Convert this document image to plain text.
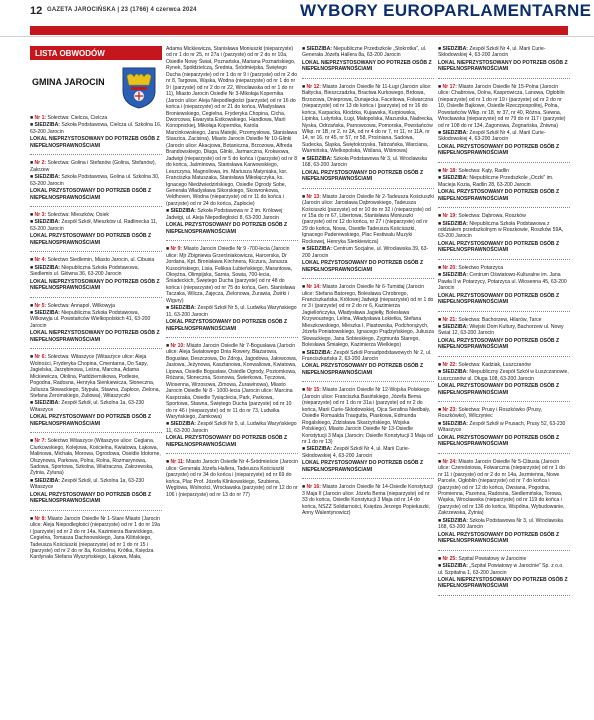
12 GAZETA JAROCIŃSKA | 23 (1766) 4 czerwca 2024	WYBORY EUROPARLAMENTARNE
LISTA OBWODÓW
GMINA JAROCIN

■ Nr 1: Sołectwa: Cielcza, Cielcza

■ SIEDZIBA: Szkoła Podstawowa, Cielcza ul. Szkolna 16, 63-200 Jarocin

LOKAL NIEPRZYSTOSOWANY DO POTRZEB OSÓB Z NIEPEŁNOSPRAWNOŚCIAMI

■ Nr 2: Sołectwa: Golina i Stefanów (Golina, Stefanów), Zakrzew

■ SIEDZIBA: Szkoła Podstawowa, Golina ul. Szkolna 30, 63-200 Jarocin

LOKAL PRZYSTOSOWANY DO POTRZEB OSÓB Z NIEPEŁNOSPRAWNOŚCIAMI

■ Nr 3: Sołectwa: Mieszków, Osiek

■ SIEDZIBA: Zespół Szkół, Mieszków ul. Radlinecka 11, 63-200 Jarocin

LOKAL PRZYSTOSOWANY DO POTRZEB OSÓB Z NIEPEŁNOSPRAWNOŚCIAMI

■ Nr 4: Sołectwo Siedlemin, Miasto Jarocin, ul. Cibusia

■ SIEDZIBA: Niepubliczna Szkoła Podstawowa, Siedlemin ul. Główna 36, 63-200 Jarocin

LOKAL NIEPRZYSTOSOWANY DO POTRZEB OSÓB Z NIEPEŁNOSPRAWNOŚCIAMI

■ Nr 5: Sołectwa: Annapol, Wilkowyja

■ SIEDZIBA: Niepubliczna Szkoła Podstawowa, Wilkowyja ul. Powstańców Wielkopolskich 41, 63-200 Jarocin

LOKAL NIEPRZYSTOSOWANY DO POTRZEB OSÓB Z NIEPEŁNOSPRAWNOŚCIAMI

■ Nr 6: Sołectwa: Witaszyce (Witaszyce ulice: Aleja Wolności, Fryderyka Chopina, Cmentarna, Do Sapy, Jagielska, Jarzębinowa, Leśna, Marcina, Adama Mickiewicza, Ołolina, Paddżierniikowa, Podlesie, Pogodna, Radosna, Henryka Sienkiewicza, Słoneczna, Juliusza Słowackiego, Stypuła, Stawna, Zapłoce, Zielona, Stefana Żeromskiego, Zuliowa), Witaszyczki

■ SIEDZIBA: Zespół Szkół, ul. Szkolna 1a, 63-230 Witaszyce

LOKAL PRZYSTOSOWANY DO POTRZEB OSÓB Z NIEPEŁNOSPRAWNOŚCIAMI

■ Nr 7: Sołectwo Witaszyce (Witaszyce ulice: Ceglana, Ciurkowskiego, Kolejowa, Kościelna, Kwiatowa, Łąkowa, Malinowa, Michała, Morowa, Ogrodowa, Oseidle Idotorne, Olszynowa, Parkowa, Polna, Rolna, Rozmarynowa, Sadowa, Sportowa, Szkolna, Wiatraczna, Zakrzewska, Żytnia, Zyluna)

■ SIEDZIBA: Zespół Szkół, ul. Szkolna 1a, 63-230 Witaszyce

LOKAL PRZYSTOSOWANY DO POTRZEB OSÓB Z NIEPEŁNOSPRAWNOŚCIAMI

■ Nr 8: Miasto Jarocin Osiedle Nr 1-Stare Miasto (Jarocin ulice: Aleja Niepodległości (nieparzyste) od nr 1 do nr 19a i (parzyste) od nr 2 do nr 14a, Kazimierza Barwickiego, Cegielna, Tomasza Dachnowskiego, Jana Kilińskiego, Tadeusza Kościuszki (nieparzyste) od nr 1 do nr 15 i (parzyste) od nr 2 do nr 8a, Kościelna, Krótka, Księdza Kardynała Stefana Wyszyńskiego, Łąkowa, Mała,

Adama Mickiewicza, Stanisława Moniuszki (nieparzyste) od nr 1 do nr 25, nr 27a i (parzyste) od nr 2 do nr 10a, Osiedle Nowy Świat, Poznańska, Mariana Poznańskiego, Rynek, Spółdzielczą, Średnia, Śródmiejska, Świętego Ducha (nieparzyste) od nr 1 do nr 9 i (parzyste) od nr 2 do nr 8, Targowa, Wąska, Wodna (nieparzyste) od nr 1 do nr 9 i (parzyste) od nr 2 do nr 22, Wrocławska od nr 1 do nr 11), Miasto Jarocin Osiedle Nr 3-Mikołaja Kopernika (Jarocin ulice: Aleja Niepodległości (parzyste) od nr 16 do końca i (nieparzyste) od nr 21 do końca, Władysława Broniewskiego, Cegielna, Fryderyka Chopina, Cicha, Dworcowa, Ewarysta Estkowskiego, Handlowa, Marii Konopnickiej, Mikołaja Kopernika, Karola Marcinkowskiego, Jana Matejki, Przemysłowa, Stanisława Staszica, Zacisina), Miasto Jarocin Osiedle Nr 10-Glinki (Jarocin ulice: Akacjowa, Botaniczna, Brzozowa, Alfreda Brandowskiego, Długa, Glinki, Jarmarczna, Krokwowa, Jadwigi (nieparzyste) od nr 5 do końca i (parzyste) od nr 8 do końca, Jaśminowa, Stanisława Karwowskiego, Leszczyna, Magnoliowa, im. Mariusza Matyniaka, ksr. Franciszka Matuszaka, Stanisława Mikołajczyka, ks. Ignacego Niedźwiedzińskiego, Osiedle Ogrody Sobe, Generała Władysława Sikorskiego, Skowronkowa, Veldhoven, Wodna (nieparzyste) od nr 11 do końca i (parzyste) od nr 24 do końca, Zapłocie)

■ SIEDZIBA: Szkoła Podstawowa nr 2 im. Królowej Jadwigi, ul. Aleja Niepodległości 8, 63-200 Jarocin

LOKAL PRZYSTOSOWANY DO POTRZEB OSÓB Z NIEPEŁNOSPRAWNOŚCIAMI

■ Nr 9: Miasto Jarocin Osiedle Nr 9 -700-lecia (Jarocin ulice: Mjr Zbigniewa Grzerśniakowicza, Harcerska, Dr Jordana, Kpt. Bronisława Kirchnera, Kiczura, Janusza Kusocińskiego, Lisia, Feliksa Łubieńskiego, Marantowa, Okrężna, Olimpijska, Sarnia, Sowia, 700-lecia, Śniadeckich, Świętego Ducha (parzyste) od nr 48 do końca i (nieparzyste) od nr 75 do końca, Gen. Stanisława Taczaka, Wilcza, Zajęcza, Zielonowa, Żurawia, Żwirki i Wigury)

■ SIEDZIBA: Zespół Szkół Nr 5, ul. Ludwika Waryńskiego 11, 63-200 Jarocin

LOKAL PRZYSTOSOWANY DO POTRZEB OSÓB Z NIEPEŁNOSPRAWNOŚCIAMI

■ Nr 10: Miasto Jarocin Osiedle Nr 7-Bogusława (Jarocin ulice: Aleja Światowego Dnia Rowerу, Błazarowa, Bogusław, Deszczowa, Do Zdroju, Jagodowa, Jałowcowa, Jasiowa, Jeżynowa, Kasztanowa, Konwaliowa, Kwiatowa, Lipowa, Osiedle Bogusław, Osiedle Ogrody, Poziomkowa, Różana, Słoneczna, Sosnowa, Świerkowa, Tęczowa, Wiosenna, Wrzosowa, Zimowa, Żurawinowa), Miasto Jarocin Osiedle Nr 8 - 1000-lecia (Jarocin ulice: Marcina Kasprzaka, Osiedle Tysiąclecia, Park, Parkowa, Sportowa, Stawna, Świętego Ducha (parzyste) od nr 10 do nr 46 i (nieparzyste) od nr 11 do nr 73, Ludwika Waryńskiego, Zamkowa)

■ SIEDZIBA: Zespół Szkół Nr 5, ul. Ludwika Waryńskiego 11, 63-200 Jarocin

LOKAL PRZYSTOSOWANY DO POTRZEB OSÓB Z NIEPEŁNOSPRAWNOŚCIAMI

■ Nr 11: Miasto Jarocin Osiedle Nr 4-Śródmieście (Jarocin ulice: Generała Józefa Hallera, Tadeusza Kościuszki (parzyste) od nr 34 do końca i (nieparzyste) od nr 69 do końca, Plac Prof. Józefa Klinkowskiego, Szubienа, Węglowa, Wolności, Wrocławska (parzyste) od nr 12 do nr 106 i (nieparzyste) od nr 13 do nr 77)

■ SIEDZIBA: Niepubliczne Przedszkole „Stokrotka”, ul. Generała Józefa Hallera 8a, 63-200 Jarocin

LOKAL NIEPRZYSTOSOWANY DO POTRZEB OSÓB Z NIEPEŁNOSPRAWNOŚCIAMI

■ Nr 12: Miasto Jarocin Osiedle Nr 11-Ługi (Jarocin ulice: Bałtycka, Bieszczadzka, Bractwa Kurkowego, Brdowa, Brzozowa, Dnieprowa, Dunajecka, Faceliowa, Folwarczna (nieparzyste) od nr 13 do końca i (parzyste) od nr 16 do końca, Karpacka, Kłodzka, Kujawska, Kurpiowska, Lipinka, Lutyńska, Ługi, Małopolska, Mazurska, Nadrecka, Nyska, Odrzańska, Parnowcowa, Pomorska, Powstańców Wlkp. nr 1B, nr 2, nr 2A, od nr 4 do nr 7, nr 11, nr 11A, nr 14, nr 16, nr 45, nr 57, nr 58, Prośniana, Sadowa, Sudecka, Śląska, Świętokrzyska, Tatrzańska, Warciana, Warmińska, Wielkopolska, Wiślana, Wiśniowa)

■ SIEDZIBA: Szkoła Podstawowa Nr 3, ul. Wrocławska 168, 63-200 Jarocin

LOKAL PRZYSTOSOWANY DO POTRZEB OSÓB Z NIEPEŁNOSPRAWNOŚCIAMI

■ Nr 13: Miasto Jarocin Osiedle Nr 2-Tadeusza Kościuszki (Jarocin ulice: Jarosława Dąbrowskiego, Tadeusza Kościuszki (parzyste) od nr 10 do nr 32 i (nieparzyste) od nr 15a do nr 67, Libertowa, Stanisława Moniuszki (parzyste) od nr 12 do końca, nr 27 i (nieparzyste) od nr 29 do końca, Nowa, Oseidle Tadeusza Kościuszki, Ignacego Paderewskiego, Plac Festiwalu Muzyki Rockowej, Henryka Sienkiewicza)

■ SIEDZIBA: Centrum Socjalne, ul. Wrocławska 39, 63-200 Jarocin

LOKAL PRZYSTOSOWANY DO POTRZEB OSÓB Z NIEPEŁNOSPRAWNOŚCIAMI

■ Nr 14: Miasto Jarocin Osiedle Nr 6-Tumidaj (Jarocin ulice: Stefana Batorego, Bolesława Chrobrego, Franciszkańska, Królowej Jadwigi (nieparzyste) od nr 1 do nr 3 i (parzyste) od nr 2 do nr 6, Kazimierza Jagiellończyka, Władysława Jagiełły, Bolesława Krzywoustego, Lelina, Władysława Łokietka, Stefana Mieszkowskiego, Mieszka I, Piastowska, Podchorążych, Józefa Poniatowskiego, Ignacego Prądzyńskiego, Juliusza Słowackiego, Jana Sobieskiego, Zygmunta Starego, Bolesława Śmiałego, Kazimierza Wielkiego)

■ SIEDZIBA: Zespół Szkół Ponadpodstawowych Nr 2, ul. Franciszkańska 2, 63-200 Jarocin

LOKAL PRZYSTOSOWANY DO POTRZEB OSÓB Z NIEPEŁNOSPRAWNOŚCIAMI

■ Nr 15: Miasto Jarocin Osiedle Nr 12-Wojska Polskiego (Jarocin ulice: Franciszka Basińskiego, Józefa Bema (nieparzyste) od nr 1 do nr 31a i (parzyste) od nr 2 do końca, Marii Curie-Skłodowskiej, Ojca Serafina Niedbały, Osiedle Romualda Traugutta, Piaskowa, Edmunda Rogalskiego, Zdzisława Skarżyńskiego, Wojska Polskiego), Miasto Jarocin Osiedle Nr 13-Osiedle Konstytucji 3 Maja (Jarocin: Osiedle Konstytucji 3 Maja od nr 1 do nr 13)

■ SIEDZIBA: Zespół Szkół Nr 4, ul. Marii Curie-Skłodowskiej 4, 63-200 Jarocin

LOKAL PRZYSTOSOWANY DO POTRZEB OSÓB Z NIEPEŁNOSPRAWNOŚCIAMI

■ Nr 16: Miasto Jarocin Osiedle Nr 14-Osiedle Konstytucji 3 Maja II (Jarocin ulice: Józefa Bema (nieparzyste) od nr 33 do końca, Osiedle Konstytucji 3 Maja od nr 14 do końca, NSZZ Solidarności, Księdza Jerzego Popiełuszki, Anny Walentynowicz)

■ SIEDZIBA: Zespół Szkół Nr 4, ul. Marii Curie-Skłodowskiej 4, 63-200 Jarocin

LOKAL NIEPRZYSTOSOWANY DO POTRZEB OSÓB Z NIEPEŁNOSPRAWNOŚCIAMI

■ Nr 17: Miasto Jarocin Osiedle Nr 15-Polna (Jarocin ulice: Chabrowa, Dolna, Kasprowicza, Lanowa, Ogłoblin (nieparzyste) od nr 1 do nr 19 i (parzyste) od nr 2 do nr 10, Osiedle Bajkowe, Osiedle Rzeczpospolitej, Polna, Powstańców Wlkp. nr 18, nr 37, nr 40, Różna, Siewna, Wrocławska (nieparzyste) od nr 79 do nr 117 i (parzyste) od nr 108 do nr 134, Zagonowa, Żegnańska, Żniwna)

■ SIEDZIBA: Zespół Szkół Nr 4, ul. Marii Curie-Skłodowskiej 4, 63-200 Jarocin

LOKAL PRZYSTOSOWANY DO POTRZEB OSÓB Z NIEPEŁNOSPRAWNOŚCIAMI

■ Nr 18: Sołectwa: Kąty, Radlin

■ SIEDZIBA: Niepubliczne Przedszkole „Oczki” im. Macieja Kozia, Radlin 28, 63-200 Jarocin

LOKAL PRZYSTOSOWANY DO POTRZEB OSÓB Z NIEPEŁNOSPRAWNOŚCIAMI

■ Nr 19: Sołectwa: Dąbrowa, Roszków

■ SIEDZIBA: Niepubliczna Szkoła Podstawowa z oddziałem przedszkolnym w Roszkowie, Roszków 59A, 63-200 Jarocin

LOKAL PRZYSTOSOWANY DO POTRZEB OSÓB Z NIEPEŁNOSPRAWNOŚCIAMI

■ Nr 20: Sołectwo Potarzyca

■ SIEDZIBA: Centrum Oświatowo-Kulturalne im. Jana Pawła II w Potarzycy, Potarzyca ul. Wiosenna 45, 63-200 Jarocin

LOKAL PRZYSTOSOWANY DO POTRZEB OSÓB Z NIEPEŁNOSPRAWNOŚCIAMI

■ Nr 21: Sołectwa: Bachorzew, Hilarów, Tarce

■ SIEDZIBA: Wiejski Dom Kultury, Bachorzew ul. Nowy Świat 12, 63-200 Jarocin

LOKAL PRZYSTOSOWANY DO POTRZEB OSÓB Z NIEPEŁNOSPRAWNOŚCIAMI

■ Nr 22: Sołectwa: Kadziak, Łuszczanów

■ SIEDZIBA: Niepubliczny Zespół Szkół w Łuszczanowie, Łuszczanów ul. Długa 108, 63-200 Jarocin

LOKAL PRZYSTOSOWANY DO POTRZEB OSÓB Z NIEPEŁNOSPRAWNOŚCIAMI

■ Nr 23: Sołectwa: Prusy i Roszkówko (Prusy, Roszkówko), Wilczyniec

■ SIEDZIBA: Zespół Szkół w Prusach, Prusy 52, 63-230 Witaszyce

LOKAL PRZYSTOSOWANY DO POTRZEB OSÓB Z NIEPEŁNOSPRAWNOŚCIAMI

■ Nr 24: Miasto Jarocin Osiedle Nr 5-Cibusia (Jarocin ulice: Czereśniowa, Folwarczna (nieparzyste) od nr 1 do nr 11 i (parzyste) od nr 2 do nr 14a, Jezmienna, Nowe Parcele, Ogłoblin (nieparzyste) od nr 7 do końca i (parzyste) od nr 12 do końca, Owsiana, Pogodna, Promienna, Pszenna, Radosna, Siedlemińska, Torowa, Wąska, Wrocławska (nieparzyste) od nr 119 do końca i (parzyste) od nr 136 do końca, Wspólna, Wybudowanie, Zakrzewska, Żytnia)

■ SIEDZIBA: Szkoła Podstawowa Nr 3, ul. Wrocławska 168, 63-200 Jarocin

LOKAL PRZYSTOSOWANY DO POTRZEB OSÓB Z NIEPEŁNOSPRAWNOŚCIAMI

■ Nr 25: Szpital Powiatowy w Jarocinie

■ SIEDZIBA: „Szpital Powiatowy w Jarocinie” Sp. z o.o. ul. Szpitalna 1, 63-200 Jarocin

LOKAL NIEPRZYSTOSOWANY DO POTRZEB OSÓB Z NIEPEŁNOSPRAWNOŚCIAMI
